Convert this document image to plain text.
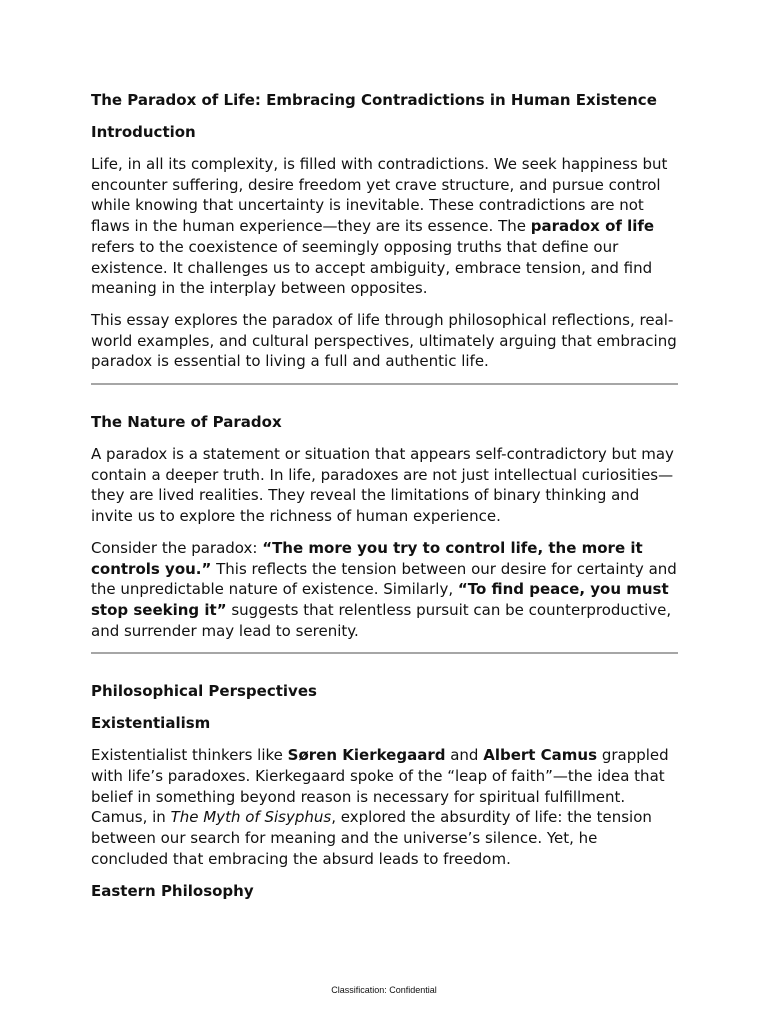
The Paradox of Life: Embracing Contradictions in Human Existence
Introduction

Life, in all its complexity, is filled with contradictions. We seek happiness but encounter suffering, desire freedom yet crave structure, and pursue control while knowing that uncertainty is inevitable. These contradictions are not flaws in the human experience—they are its essence. The paradox of life refers to the coexistence of seemingly opposing truths that define our existence. It challenges us to accept ambiguity, embrace tension, and find meaning in the interplay between opposites.

This essay explores the paradox of life through philosophical reflections, real-world examples, and cultural perspectives, ultimately arguing that embracing paradox is essential to living a full and authentic life.

The Nature of Paradox

A paradox is a statement or situation that appears self-contradictory but may contain a deeper truth. In life, paradoxes are not just intellectual curiosities—they are lived realities. They reveal the limitations of binary thinking and invite us to explore the richness of human experience.

Consider the paradox: “The more you try to control life, the more it controls you.” This reflects the tension between our desire for certainty and the unpredictable nature of existence. Similarly, “To find peace, you must stop seeking it” suggests that relentless pursuit can be counterproductive, and surrender may lead to serenity.

Philosophical Perspectives
Existentialism

Existentialist thinkers like Søren Kierkegaard and Albert Camus grappled with life’s paradoxes. Kierkegaard spoke of the “leap of faith”—the idea that belief in something beyond reason is necessary for spiritual fulfillment. Camus, in The Myth of Sisyphus, explored the absurdity of life: the tension between our search for meaning and the universe’s silence. Yet, he concluded that embracing the absurd leads to freedom.

Eastern Philosophy
Classification: Confidential
